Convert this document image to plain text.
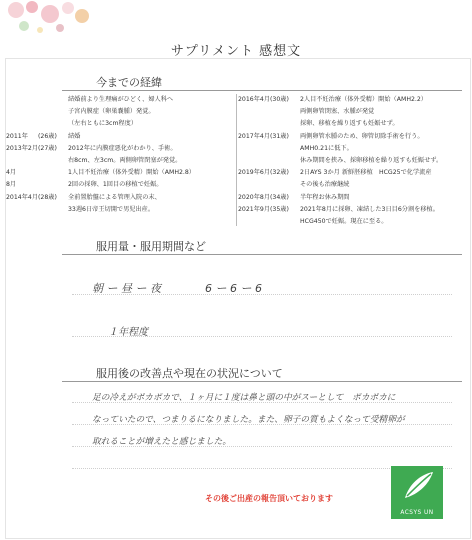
サプリメント 感想文
今までの経緯
結婚前より生理痛がひどく、婦人科へ
子宮内膜症（卵巣嚢腫）発覚。
（左右ともに3cm程度）
2011年 (26歳) 結婚
2013年2月 (27歳) 2012年に内膜症悪化がわかり、手術。
右8cm、左3cm。両側卵管閉塞が発覚。
4月	1人目不妊治療（体外受精）開始（AMH2.8）
8月	2回の採卵、1回目の移植で妊娠。
2014年4月 (28歳) 全前置胎盤による管理入院の末、
33週6日帝王切開で男児出産。
2016年4月 (30歳) 2人目不妊治療（体外受精）開始（AMH2.2）
両側卵管閉塞、水腫が発覚
採卵、移植を繰り返すも妊娠せず。
2017年4月 (31歳) 両側卵管水腫のため、卵管切除手術を行う。
AMH0.21に低下。
休み期間を挟み、採卵移植を繰り返すも妊娠せず。
2019年6月 (32歳) 2日AYS 3か月 新鮮胚移植　HCG25で化学流産
その後も治療継続
2020年8月 (34歳) 半年程お休み期間
2021年9月 (35歳) 2021年8月に採卵、凍結した3日目6分割を移植。
HCG450で妊娠。現在に至る。
服用量・服用期間など
朝 ー 昼 ー 夜　　　　6 ー 6 ー 6
１年程度
服用後の改善点や現在の状況について
足の冷えがポカポカで、１ヶ月に１度は鼻と頭の中がスーとして　ポカポカに
なっていたので、つまりるになりました。また、卵子の質もよくなって受精卵が
取れることが増えたと感じました。
その後ご出産の報告頂いております
ACSYS UN
